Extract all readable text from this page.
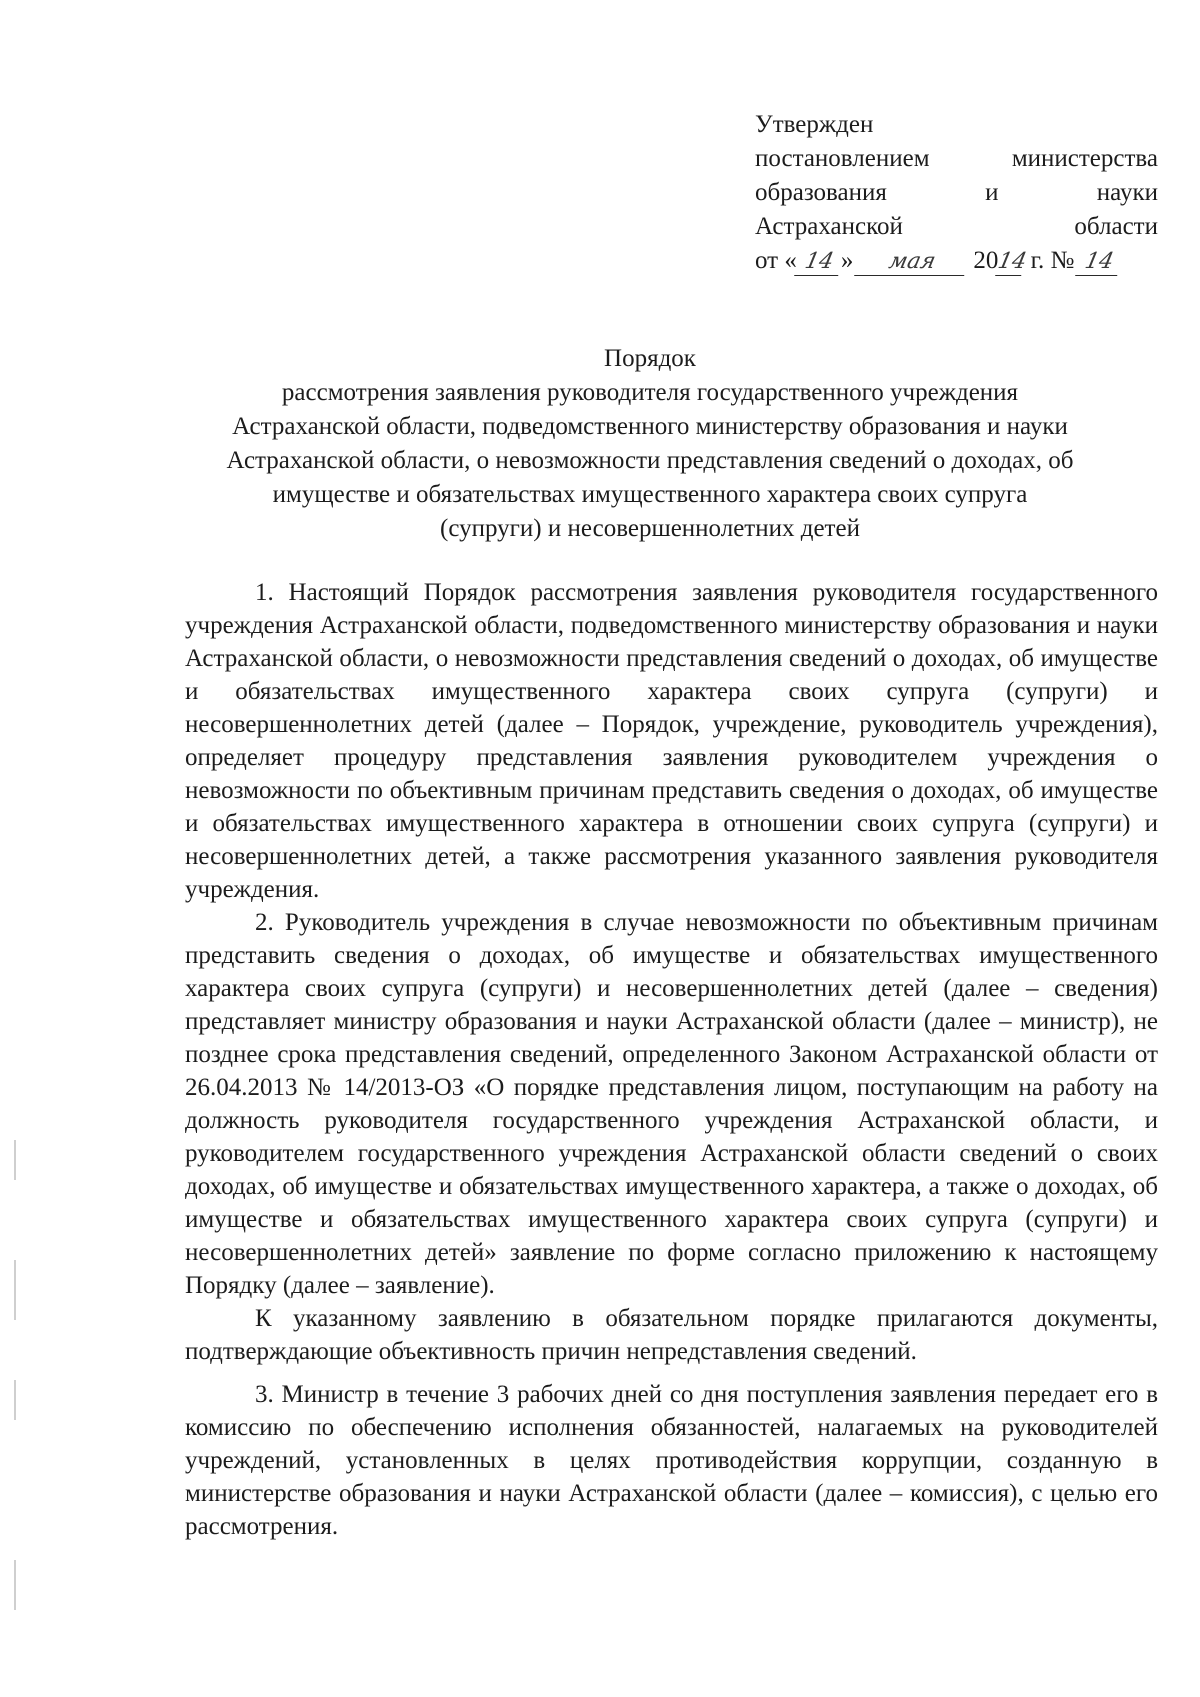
Утвержден
постановлением	министерства
образования	и	науки
Астраханской	области
от « 14 »	мая	20
14
г. № 14
Порядок
рассмотрения заявления руководителя государственного учреждения
Астраханской области, подведомственного министерству образования и науки
Астраханской области, о невозможности представления сведений о доходах, об
имуществе и обязательствах имущественного характера своих супруга
(супруги) и несовершеннолетних детей

1. Настоящий Порядок рассмотрения заявления руководителя государственного учреждения Астраханской области, подведомственного министерству образования и науки Астраханской области, о невозможности представления сведений о доходах, об имуществе и обязательствах имущественного характера своих супруга (супруги) и несовершеннолетних детей (далее – Порядок, учреждение, руководитель учреждения), определяет процедуру представления заявления руководителем учреждения о невозможности по объективным причинам представить сведения о доходах, об имуществе и обязательствах имущественного характера в отношении своих супруга (супруги) и несовершеннолетних детей, а также рассмотрения указанного заявления руководителя учреждения.

2. Руководитель учреждения в случае невозможности по объективным причинам представить сведения о доходах, об имуществе и обязательствах имущественного характера своих супруга (супруги) и несовершеннолетних детей (далее – сведения) представляет министру образования и науки Астраханской области (далее – министр), не позднее срока представления сведений, определенного Законом Астраханской области от 26.04.2013 № 14/2013-ОЗ «О порядке представления лицом, поступающим на работу на должность руководителя государственного учреждения Астраханской области, и руководителем государственного учреждения Астраханской области сведений о своих доходах, об имуществе и обязательствах имущественного характера, а также о доходах, об имуществе и обязательствах имущественного характера своих супруга (супруги) и несовершеннолетних детей» заявление по форме согласно приложению к настоящему Порядку (далее – заявление).

К указанному заявлению в обязательном порядке прилагаются документы, подтверждающие объективность причин непредставления сведений.

3. Министр в течение 3 рабочих дней со дня поступления заявления передает его в комиссию по обеспечению исполнения обязанностей, налагаемых на руководителей учреждений, установленных в целях противодействия коррупции, созданную в министерстве образования и науки Астраханской области (далее – комиссия), с целью его рассмотрения.
